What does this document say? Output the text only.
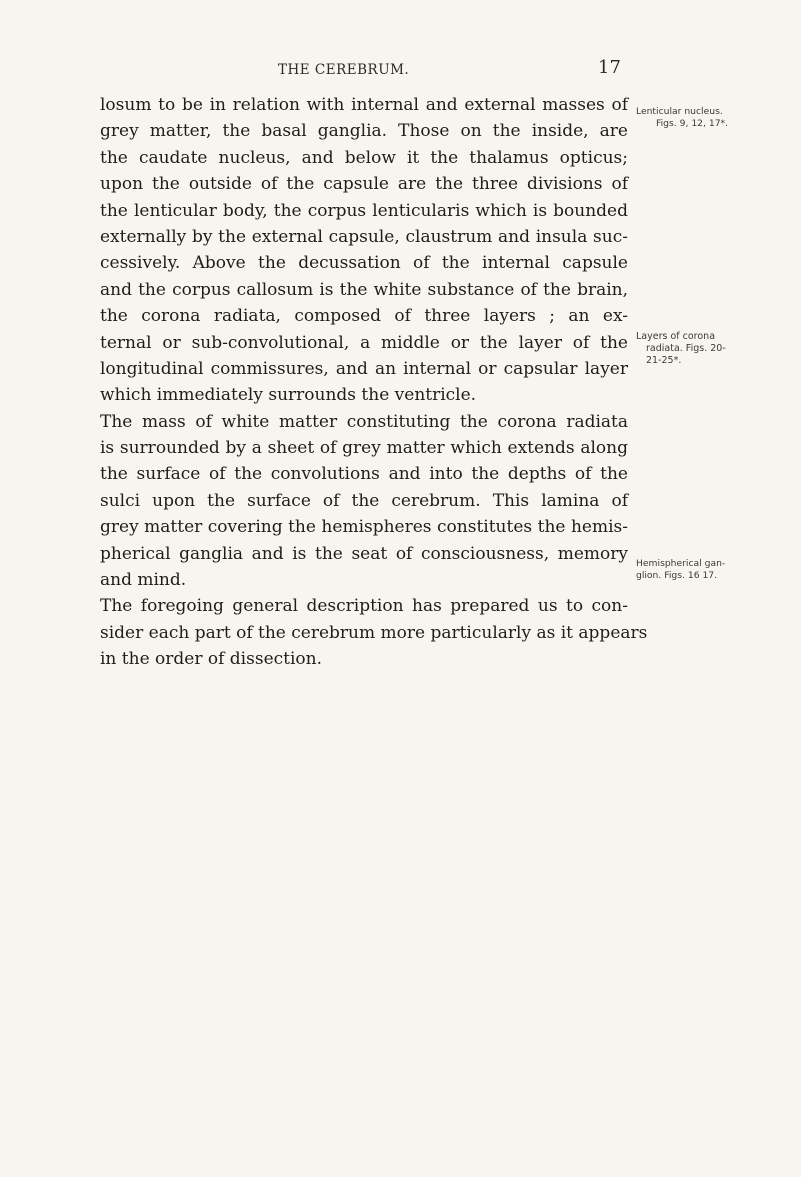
THE CEREBRUM.	17
losum to be in relation with internal and external masses of
grey matter, the basal ganglia. Those on the inside, are
the caudate nucleus, and below it the thalamus opticus;
upon the outside of the capsule are the three divisions of
the lenticular body, the corpus lenticularis which is bounded
externally by the external capsule, claustrum and insula suc-
cessively. Above the decussation of the internal capsule
and the corpus callosum is the white substance of the brain,
the corona radiata, composed of three layers ; an ex-
ternal or sub-convolutional, a middle or the layer of the
longitudinal commissures, and an internal or capsular layer
which immediately surrounds the ventricle.
The mass of white matter constituting the corona radiata
is surrounded by a sheet of grey matter which extends along
the surface of the convolutions and into the depths of the
sulci upon the surface of the cerebrum. This lamina of
grey matter covering the hemispheres constitutes the hemis-
pherical ganglia and is the seat of consciousness, memory
and mind.
The foregoing general description has prepared us to con-
sider each part of the cerebrum more particularly as it appears
in the order of dissection.
Lenticular nucleus.
Figs. 9, 12, 17*.
Layers of corona
radiata. Figs. 20-
21-25*.
Hemispherical gan-
glion. Figs. 16 17.
